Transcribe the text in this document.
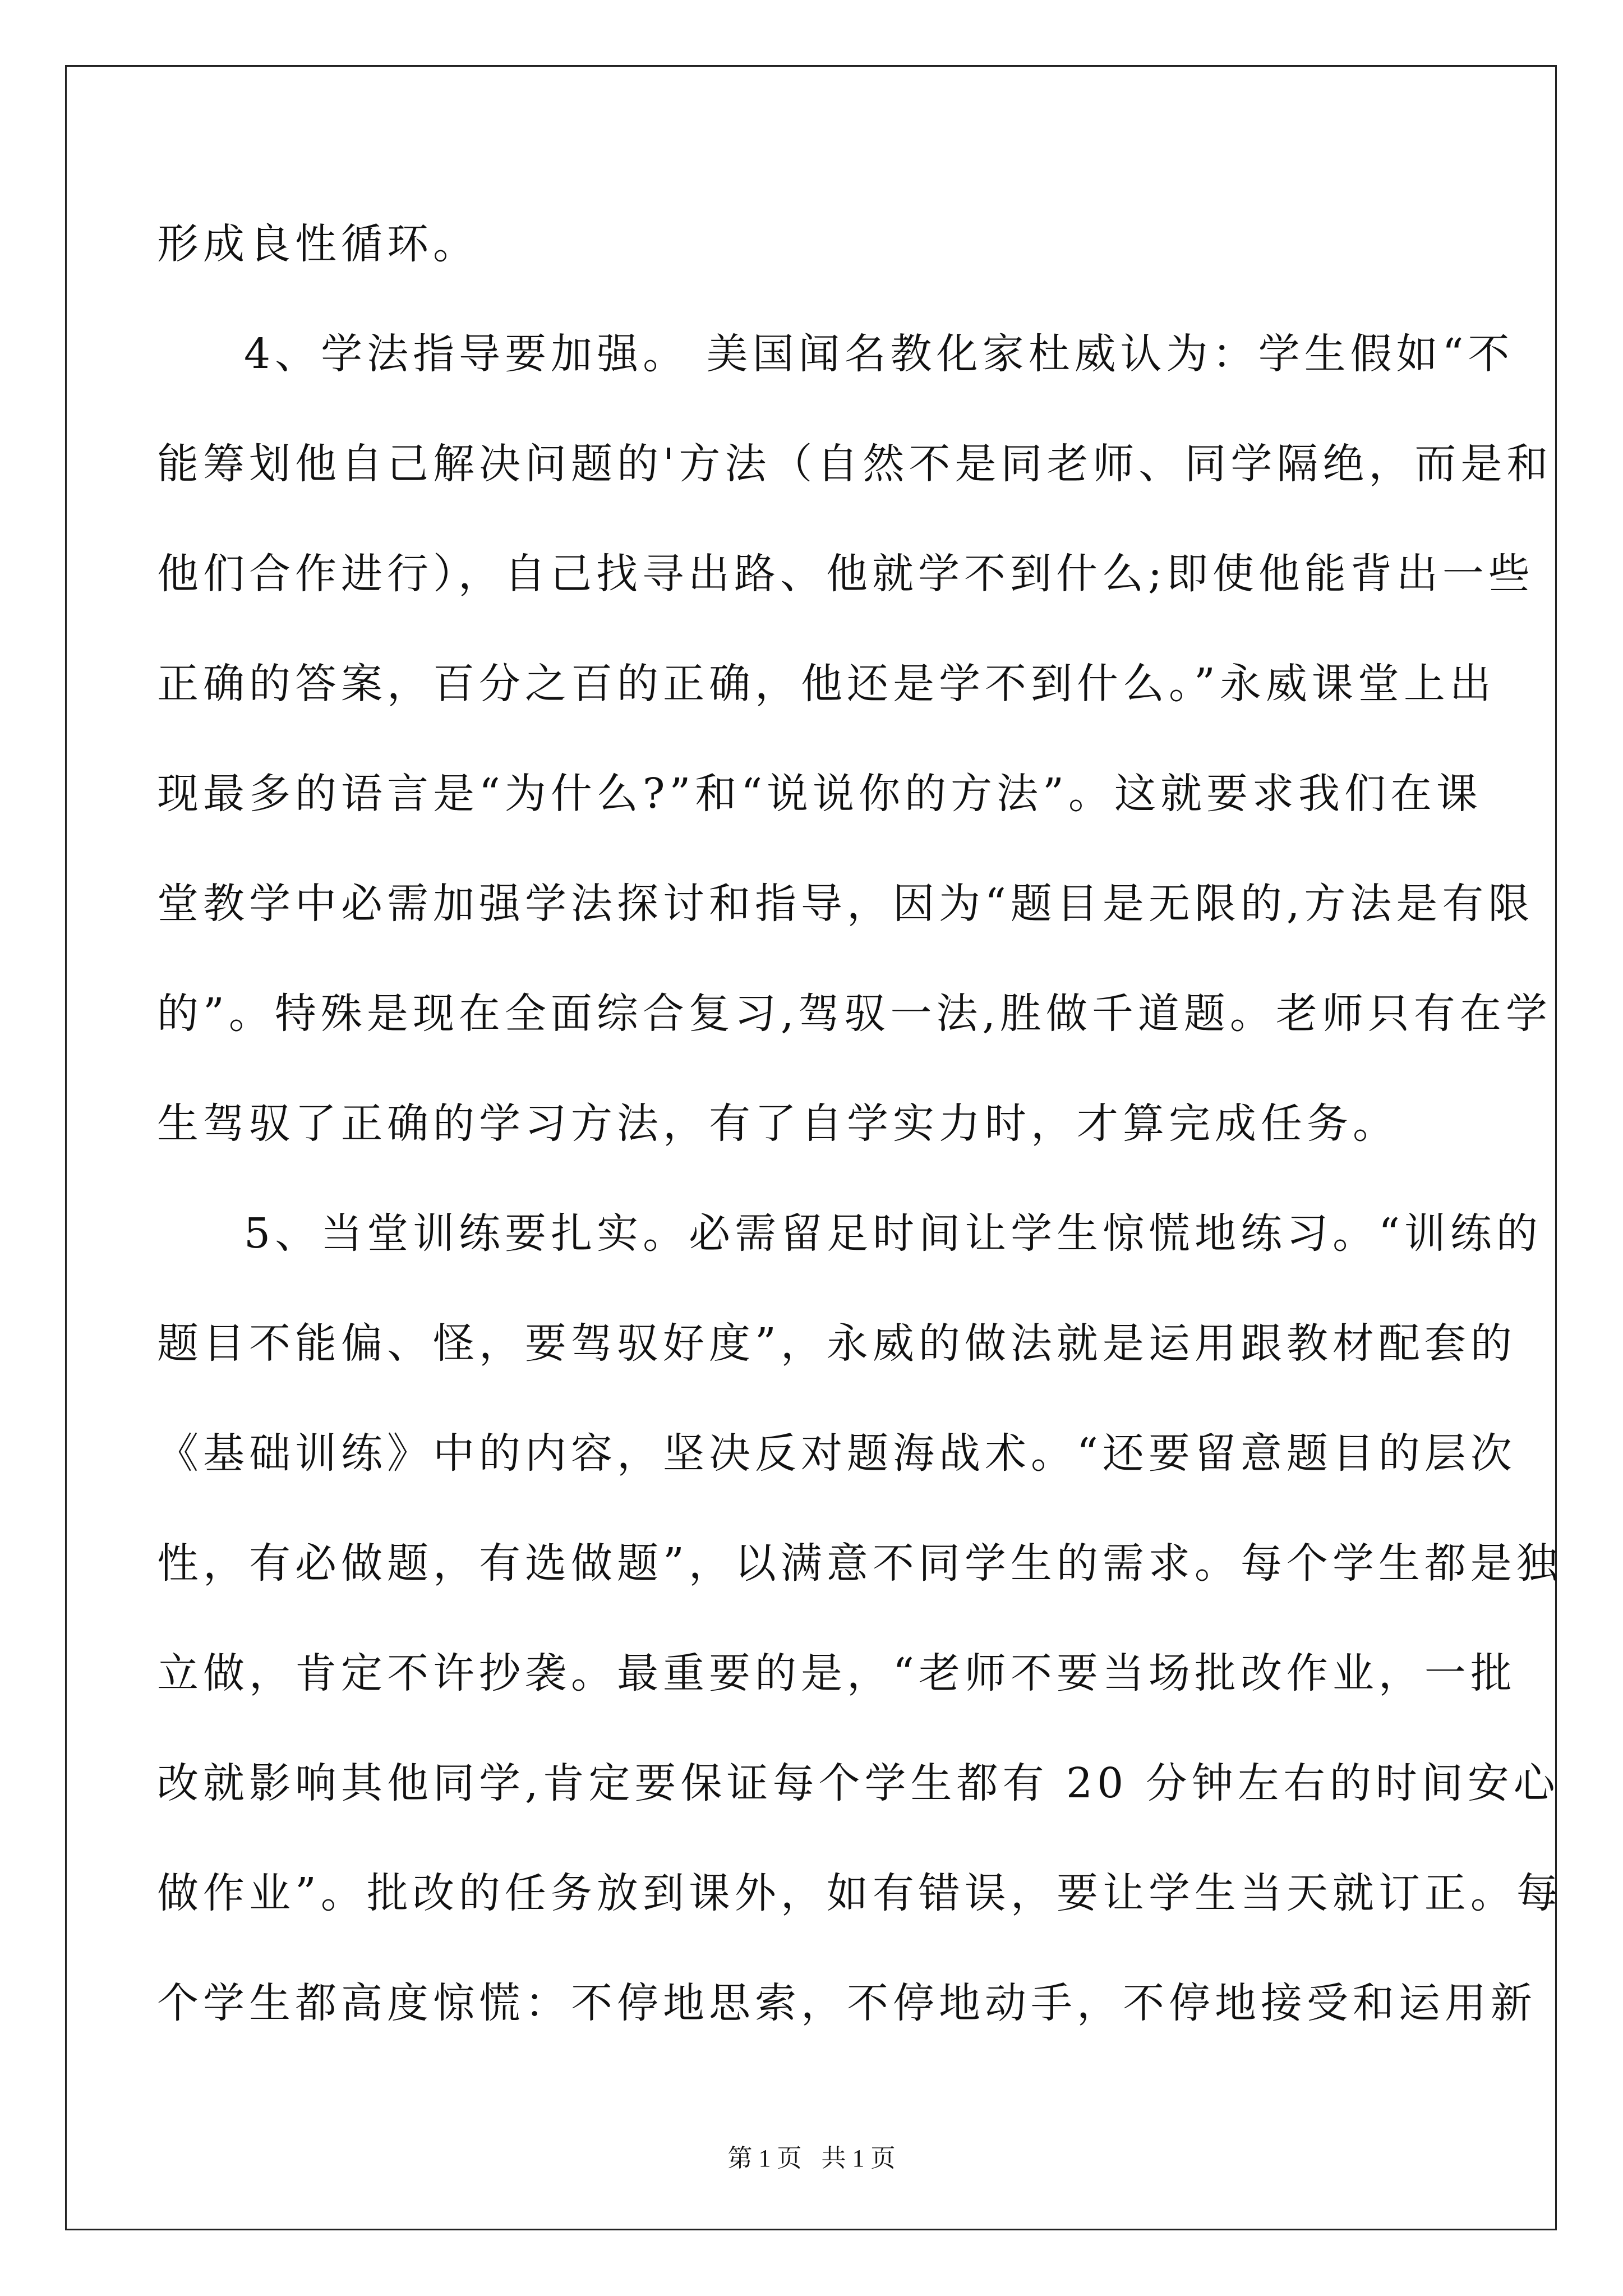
形成良性循环。
4、学法指导要加强。 美国闻名教化家杜威认为：学生假如“不
能筹划他自己解决问题的'方法（自然不是同老师、同学隔绝，而是和
他们合作进行），自己找寻出路、他就学不到什么;即使他能背出一些
正确的答案，百分之百的正确，他还是学不到什么。”永威课堂上出
现最多的语言是“为什么?”和“说说你的方法”。这就要求我们在课
堂教学中必需加强学法探讨和指导，因为“题目是无限的,方法是有限
的”。特殊是现在全面综合复习,驾驭一法,胜做千道题。老师只有在学
生驾驭了正确的学习方法，有了自学实力时，才算完成任务。
5、当堂训练要扎实。必需留足时间让学生惊慌地练习。“训练的
题目不能偏、怪，要驾驭好度”，永威的做法就是运用跟教材配套的
《基础训练》中的内容，坚决反对题海战术。“还要留意题目的层次
性，有必做题，有选做题”，以满意不同学生的需求。每个学生都是独
立做，肯定不许抄袭。最重要的是，“老师不要当场批改作业，一批
改就影响其他同学,肯定要保证每个学生都有 20 分钟左右的时间安心
做作业”。批改的任务放到课外，如有错误，要让学生当天就订正。每
个学生都高度惊慌：不停地思索，不停地动手，不停地接受和运用新
第 1 页 共 1 页
